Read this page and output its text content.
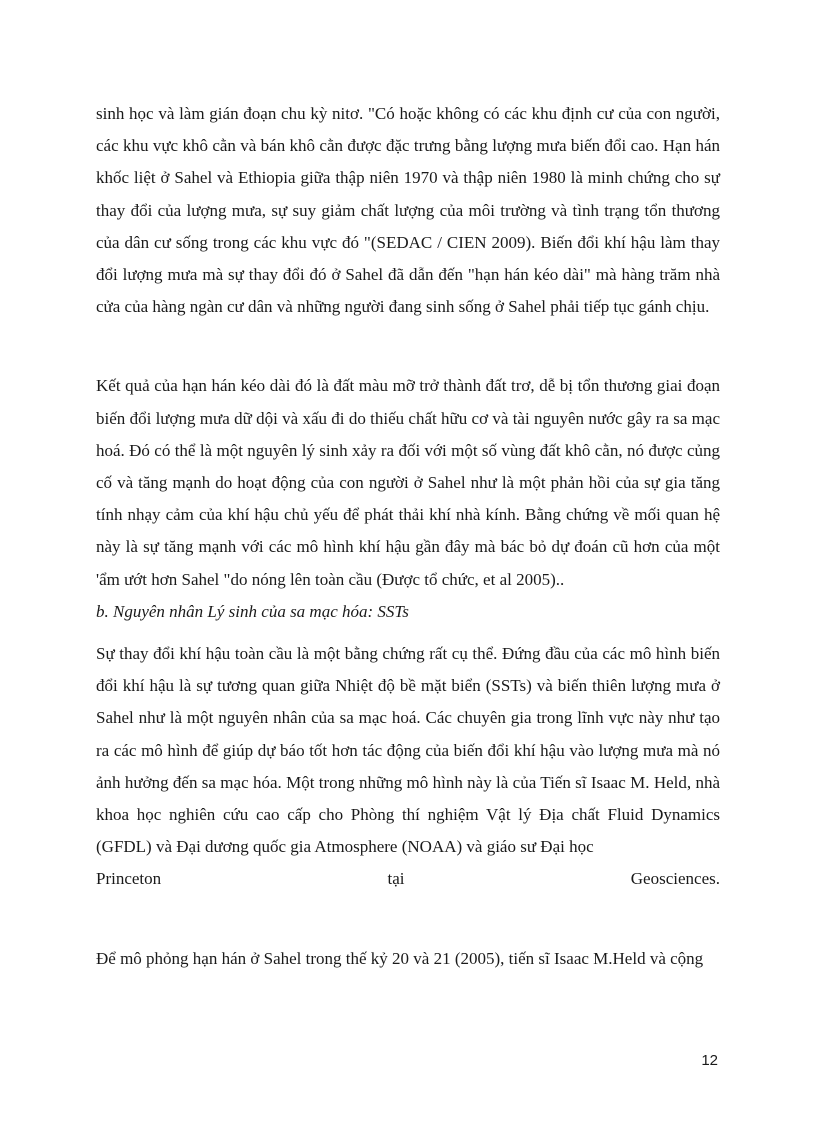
sinh học và làm gián đoạn chu kỳ nitơ. "Có hoặc không có các khu định cư của con người, các khu vực khô cằn và bán khô cằn được đặc trưng bằng lượng mưa biến đổi cao. Hạn hán khốc liệt ở Sahel và Ethiopia giữa thập niên 1970 và thập niên 1980 là minh chứng cho sự thay đổi của lượng mưa, sự suy giảm chất lượng của môi trường và tình trạng tổn thương của dân cư sống trong các khu vực đó "(SEDAC / CIEN 2009). Biến đổi khí hậu làm thay đổi lượng mưa mà sự thay đổi đó ở Sahel đã dẫn đến "hạn hán kéo dài" mà hàng trăm nhà cửa của hàng ngàn cư dân và những người đang sinh sống ở Sahel phải tiếp tục gánh chịu.

Kết quả của hạn hán kéo dài đó là đất màu mỡ trở thành đất trơ, dễ bị tổn thương giai đoạn biến đổi lượng mưa dữ dội và xấu đi do thiếu chất hữu cơ và tài nguyên nước gây ra sa mạc hoá. Đó có thể là một nguyên lý sinh xảy ra đối với một số vùng đất khô cằn, nó được củng cố và tăng mạnh do hoạt động của con người ở Sahel như là một phản hồi của sự gia tăng tính nhạy cảm của khí hậu chủ yếu để phát thải khí nhà kính. Bằng chứng về mối quan hệ này là sự tăng mạnh với các mô hình khí hậu gần đây mà bác bỏ dự đoán cũ hơn của một 'ẩm ướt hơn Sahel "do nóng lên toàn cầu (Được tổ chức, et al 2005)..

b. Nguyên nhân Lý sinh của sa mạc hóa: SSTs

Sự thay đổi khí hậu toàn cầu là một bằng chứng rất cụ thể. Đứng đầu của các mô hình biến đổi khí hậu là sự tương quan giữa Nhiệt độ bề mặt biển (SSTs) và biến thiên lượng mưa ở Sahel như là một nguyên nhân của sa mạc hoá. Các chuyên gia trong lĩnh vực này như tạo ra các mô hình để giúp dự báo tốt hơn tác động của biến đổi khí hậu vào lượng mưa mà nó ảnh hưởng đến sa mạc hóa. Một trong những mô hình này là của Tiến sĩ Isaac M. Held, nhà khoa học nghiên cứu cao cấp cho Phòng thí nghiệm Vật lý Địa chất Fluid Dynamics (GFDL) và Đại dương quốc gia Atmosphere (NOAA) và giáo sư Đại học

Princeton	tại	Geosciences.

Để mô phỏng hạn hán ở Sahel trong thế kỷ 20 và 21 (2005), tiến sĩ Isaac M.Held và cộng

12
